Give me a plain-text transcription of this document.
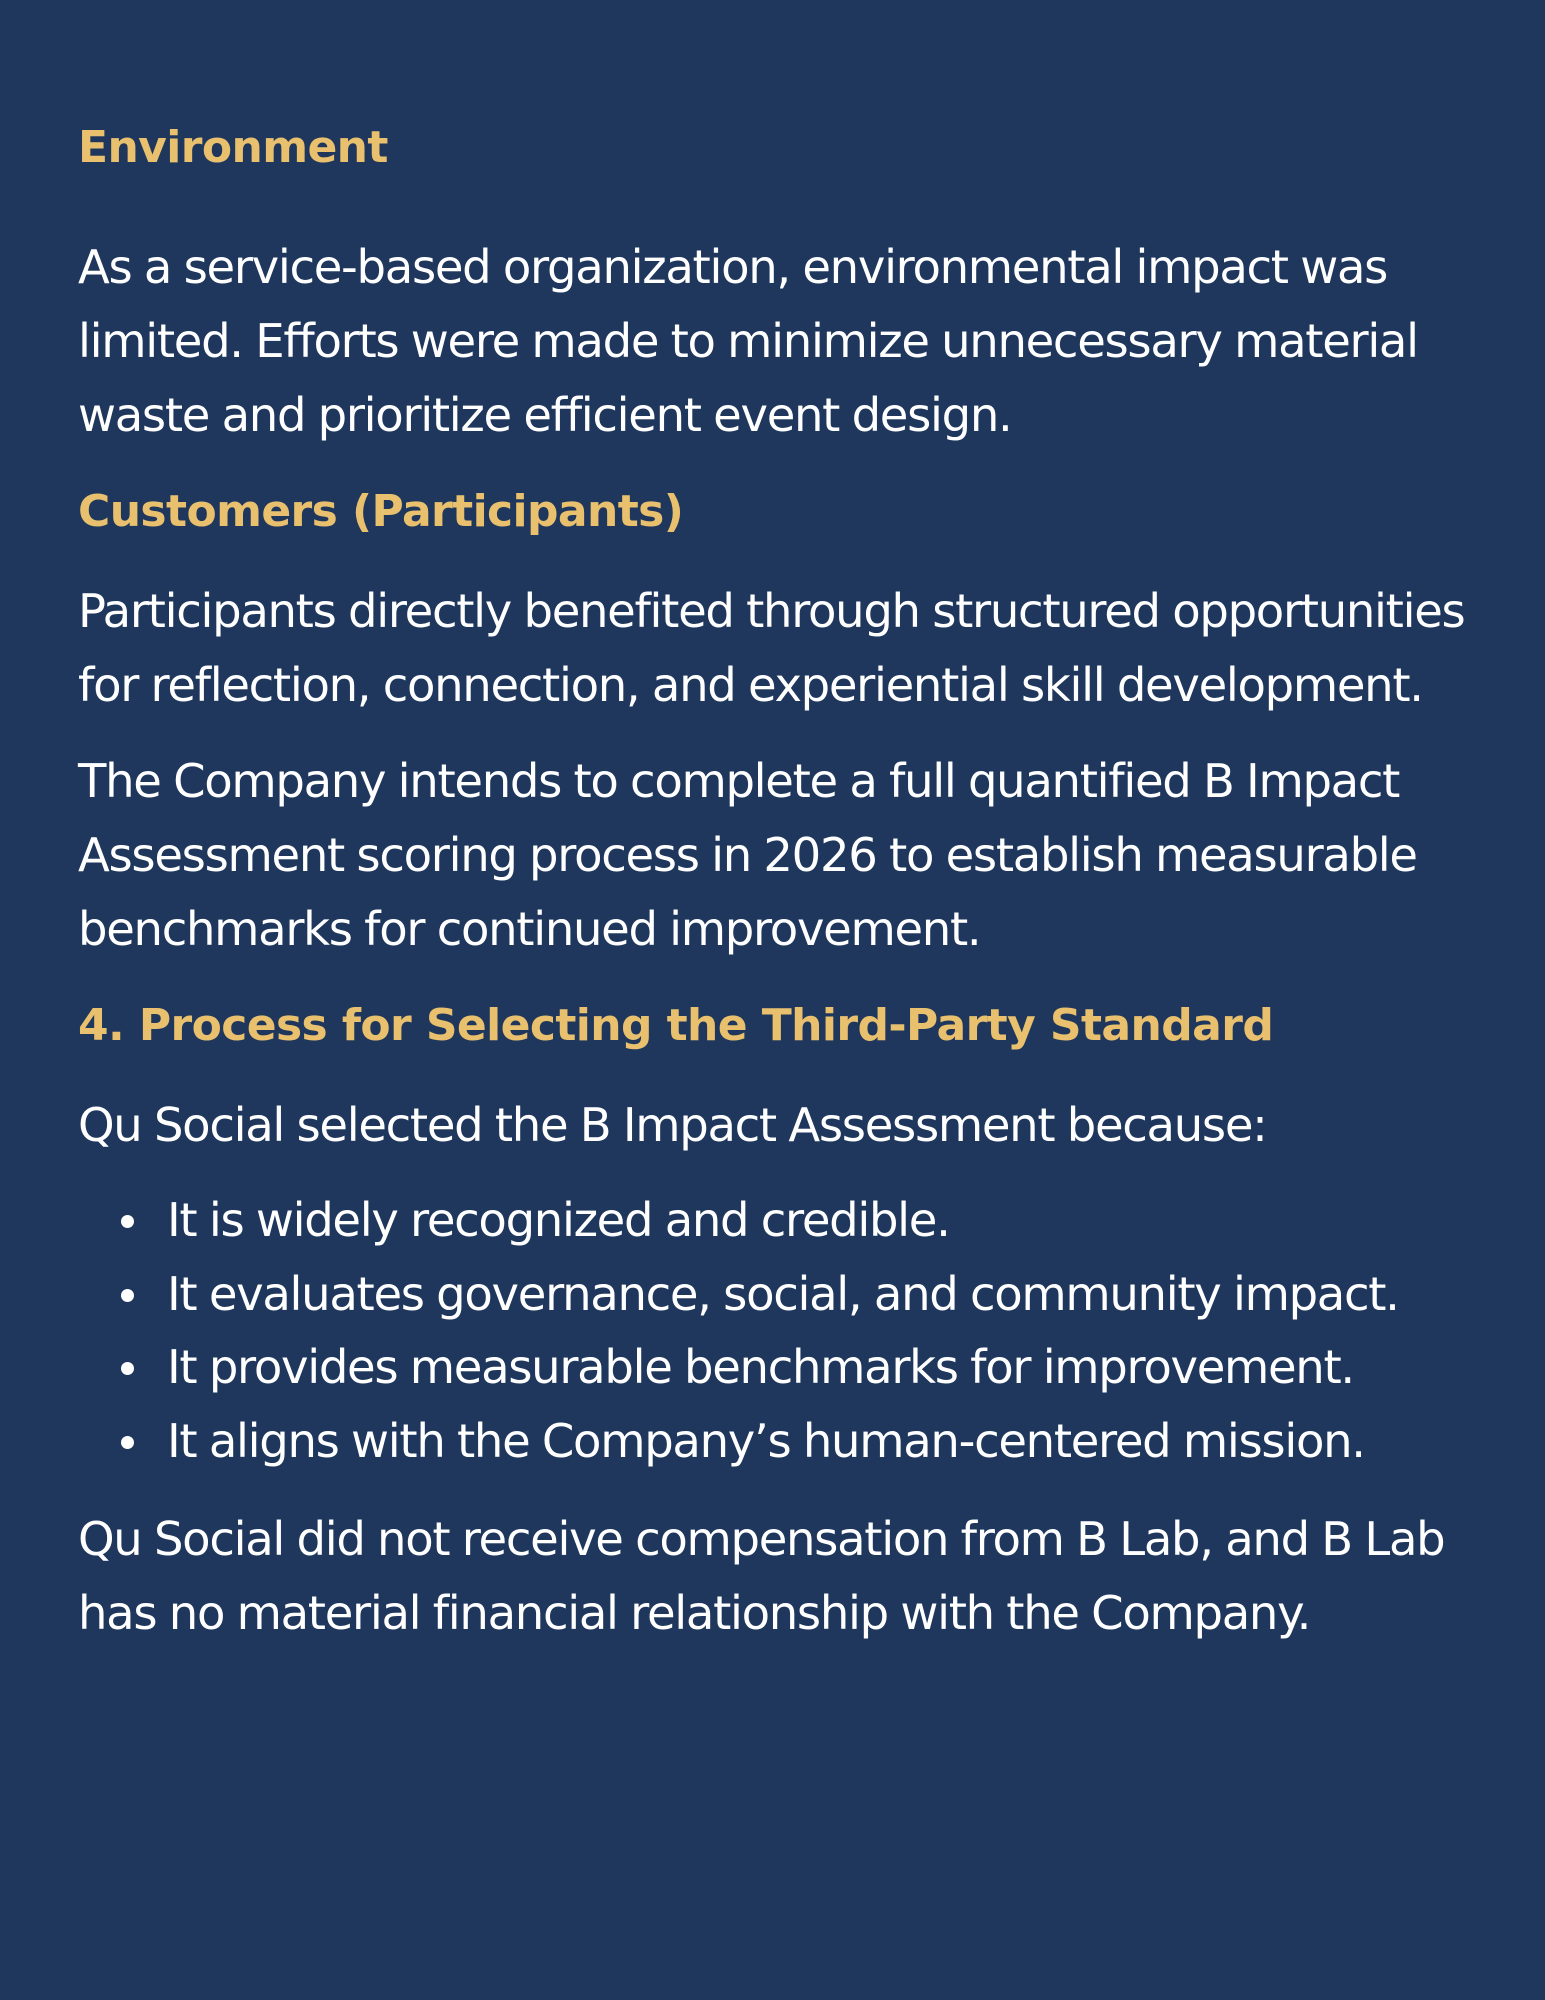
Environment

As a service-based organization, environmental impact was limited. Efforts were made to minimize unnecessary material waste and prioritize efficient event design.

Customers (Participants)

Participants directly benefited through structured opportunities for reflection, connection, and experiential skill development.

The Company intends to complete a full quantified B Impact Assessment scoring process in 2026 to establish measurable benchmarks for continued improvement.

4. Process for Selecting the Third-Party Standard

Qu Social selected the B Impact Assessment because:

It is widely recognized and credible.
It evaluates governance, social, and community impact.
It provides measurable benchmarks for improvement.
It aligns with the Company’s human-centered mission.

Qu Social did not receive compensation from B Lab, and B Lab has no material financial relationship with the Company.
